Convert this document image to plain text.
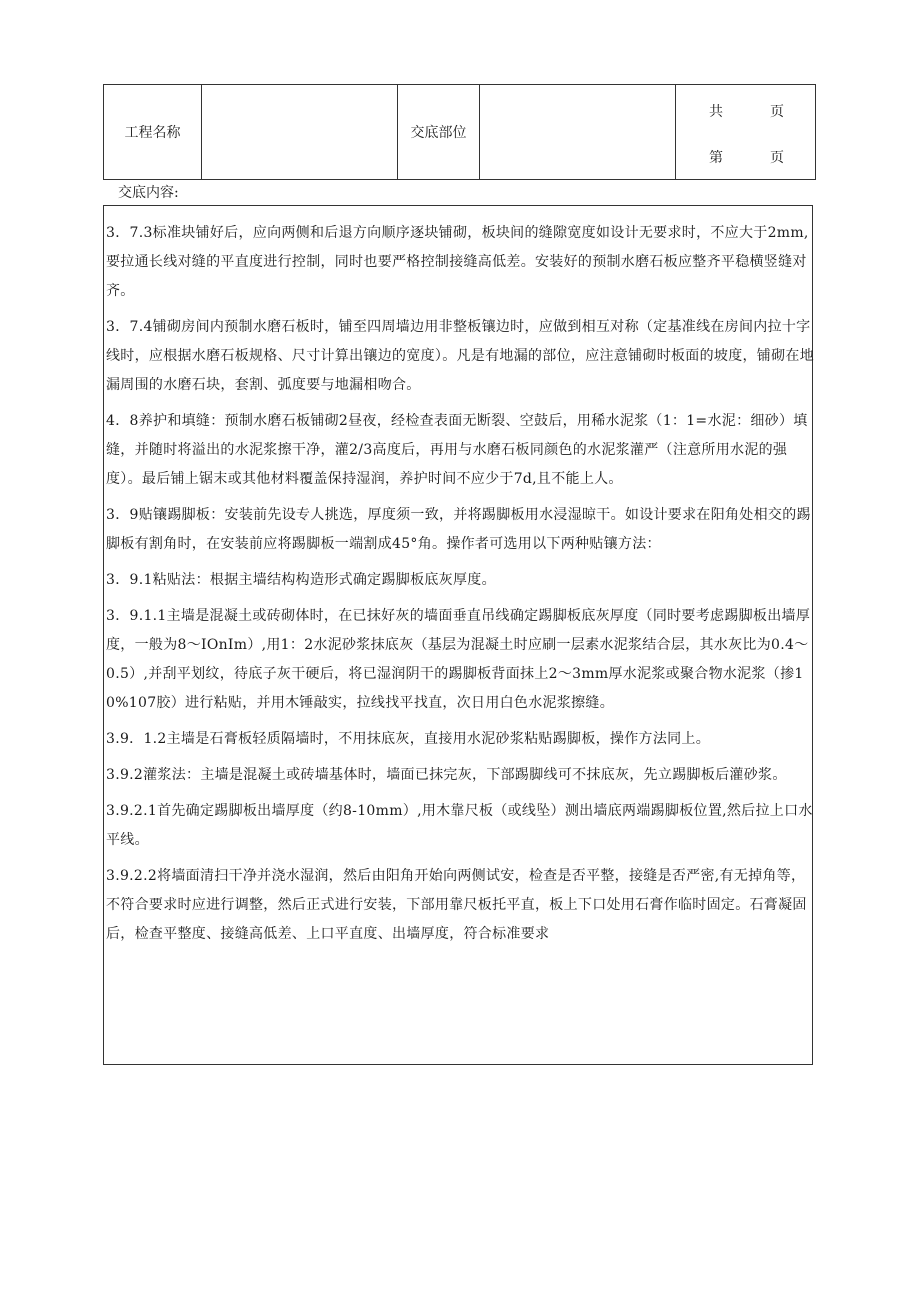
工程名称		交底部位		
共	页
第	页
交底内容:

3．7.3标准块铺好后，应向两侧和后退方向顺序逐块铺砌，板块间的缝隙宽度如设计无要求时，不应大于2mm,要拉通长线对缝的平直度进行控制，同时也要严格控制接缝高低差。安装好的预制水磨石板应整齐平稳横竖缝对齐。

3．7.4铺砌房间内预制水磨石板时，铺至四周墙边用非整板镶边时，应做到相互对称（定基准线在房间内拉十字线时，应根据水磨石板规格、尺寸计算出镶边的宽度）。凡是有地漏的部位，应注意铺砌时板面的坡度，铺砌在地漏周围的水磨石块，套割、弧度要与地漏相吻合。

4．8养护和填缝：预制水磨石板铺砌2昼夜，经检查表面无断裂、空鼓后，用稀水泥浆（1：1=水泥：细砂）填缝，并随时将溢出的水泥浆擦干净，灌2/3高度后，再用与水磨石板同颜色的水泥浆灌严（注意所用水泥的强度）。最后铺上锯末或其他材料覆盖保持湿润，养护时间不应少于7d,且不能上人。

3．9贴镶踢脚板：安装前先设专人挑选，厚度须一致，并将踢脚板用水浸湿晾干。如设计要求在阳角处相交的踢脚板有割角时，在安装前应将踢脚板一端割成45°角。操作者可选用以下两种贴镶方法：

3．9.1粘贴法：根据主墙结构构造形式确定踢脚板底灰厚度。

3．9.1.1主墙是混凝土或砖砌体时，在已抹好灰的墙面垂直吊线确定踢脚板底灰厚度（同时要考虑踢脚板出墙厚度，一般为8～IOnIm）,用1：2水泥砂浆抹底灰（基层为混凝土时应刷一层素水泥浆结合层，其水灰比为0.4～0.5）,并刮平划纹，待底子灰干硬后，将已湿润阴干的踢脚板背面抹上2～3mm厚水泥浆或聚合物水泥浆（掺10%107胶）进行粘贴，并用木锤敲实，拉线找平找直，次日用白色水泥浆擦缝。

3.9．1.2主墙是石膏板轻质隔墙时，不用抹底灰，直接用水泥砂浆粘贴踢脚板，操作方法同上。

3.9.2灌浆法：主墙是混凝土或砖墙基体时，墙面已抹完灰，下部踢脚线可不抹底灰，先立踢脚板后灌砂浆。

3.9.2.1首先确定踢脚板出墙厚度（约8-10mm）,用木靠尺板（或线坠）测出墙底两端踢脚板位置,然后拉上口水平线。

3.9.2.2将墙面清扫干净并浇水湿润，然后由阳角开始向两侧试安，检查是否平整，接缝是否严密,有无掉角等，不符合要求时应进行调整，然后正式进行安装，下部用靠尺板托平直，板上下口处用石膏作临时固定。石膏凝固后，检查平整度、接缝高低差、上口平直度、出墙厚度，符合标准要求
